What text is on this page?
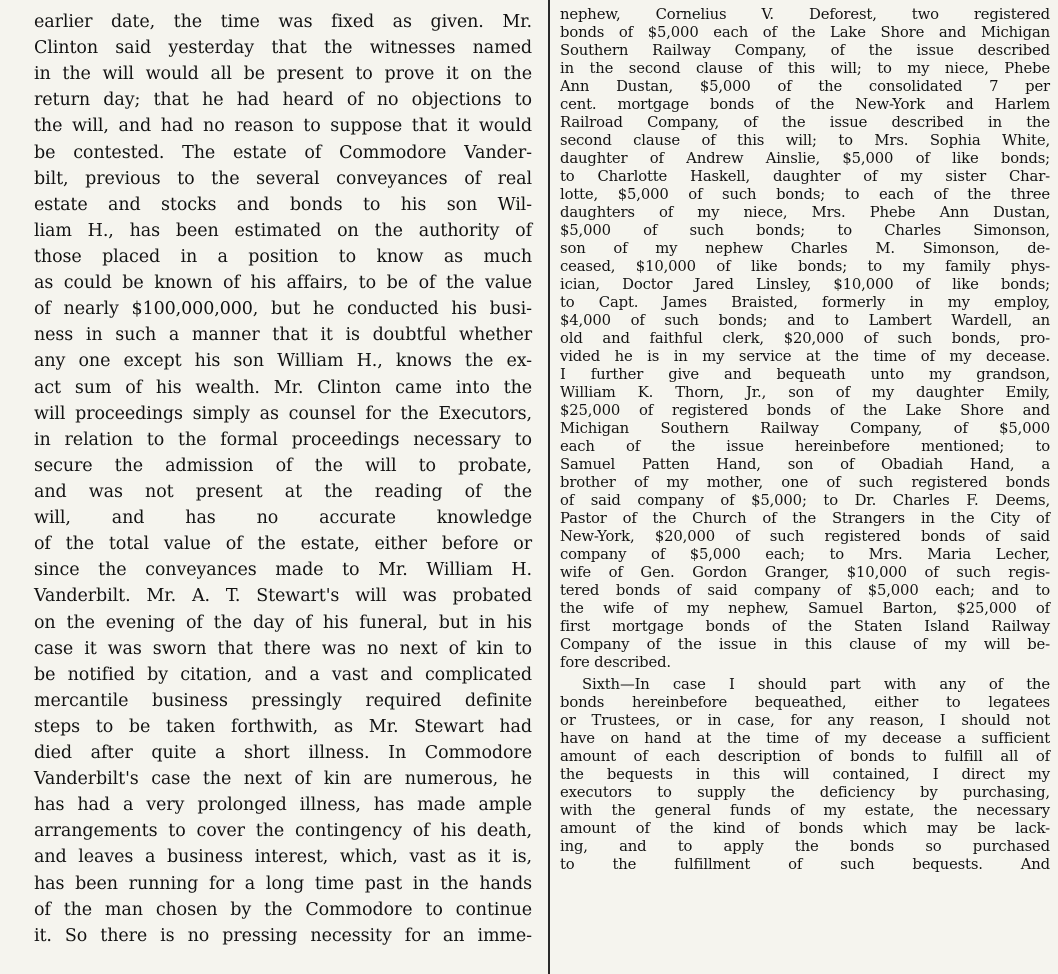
earlier date, the time was fixed as given. Mr.
Clinton said yesterday that the witnesses named
in the will would all be present to prove it on the
return day; that he had heard of no objections to
the will, and had no reason to suppose that it would
be contested. The estate of Commodore Vander-
bilt, previous to the several conveyances of real
estate and stocks and bonds to his son Wil-
liam H., has been estimated on the authority of
those placed in a position to know as much
as could be known of his affairs, to be of the value
of nearly $100,000,000, but he conducted his busi-
ness in such a manner that it is doubtful whether
any one except his son William H., knows the ex-
act sum of his wealth. Mr. Clinton came into the
will proceedings simply as counsel for the Executors,
in relation to the formal proceedings necessary to
secure the admission of the will to probate,
and was not present at the reading of the
will, and has no accurate knowledge
of the total value of the estate, either before or
since the conveyances made to Mr. William H.
Vanderbilt. Mr. A. T. Stewart's will was probated
on the evening of the day of his funeral, but in his
case it was sworn that there was no next of kin to
be notified by citation, and a vast and complicated
mercantile business pressingly required definite
steps to be taken forthwith, as Mr. Stewart had
died after quite a short illness. In Commodore
Vanderbilt's case the next of kin are numerous, he
has had a very prolonged illness, has made ample
arrangements to cover the contingency of his death,
and leaves a business interest, which, vast as it is,
has been running for a long time past in the hands
of the man chosen by the Commodore to continue
it. So there is no pressing necessity for an imme-
nephew, Cornelius V. Deforest, two registered
bonds of $5,000 each of the Lake Shore and Michigan
Southern Railway Company, of the issue described
in the second clause of this will; to my niece, Phebe
Ann Dustan, $5,000 of the consolidated 7 per
cent. mortgage bonds of the New-York and Harlem
Railroad Company, of the issue described in the
second clause of this will; to Mrs. Sophia White,
daughter of Andrew Ainslie, $5,000 of like bonds;
to Charlotte Haskell, daughter of my sister Char-
lotte, $5,000 of such bonds; to each of the three
daughters of my niece, Mrs. Phebe Ann Dustan,
$5,000 of such bonds; to Charles Simonson,
son of my nephew Charles M. Simonson, de-
ceased, $10,000 of like bonds; to my family phys-
ician, Doctor Jared Linsley, $10,000 of like bonds;
to Capt. James Braisted, formerly in my employ,
$4,000 of such bonds; and to Lambert Wardell, an
old and faithful clerk, $20,000 of such bonds, pro-
vided he is in my service at the time of my decease.
I further give and bequeath unto my grandson,
William K. Thorn, Jr., son of my daughter Emily,
$25,000 of registered bonds of the Lake Shore and
Michigan Southern Railway Company, of $5,000
each of the issue hereinbefore mentioned; to
Samuel Patten Hand, son of Obadiah Hand, a
brother of my mother, one of such registered bonds
of said company of $5,000; to Dr. Charles F. Deems,
Pastor of the Church of the Strangers in the City of
New-York, $20,000 of such registered bonds of said
company of $5,000 each; to Mrs. Maria Lecher,
wife of Gen. Gordon Granger, $10,000 of such regis-
tered bonds of said company of $5,000 each; and to
the wife of my nephew, Samuel Barton, $25,000 of
first mortgage bonds of the Staten Island Railway
Company of the issue in this clause of my will be-
fore described.
Sixth—In case I should part with any of the
bonds hereinbefore bequeathed, either to legatees
or Trustees, or in case, for any reason, I should not
have on hand at the time of my decease a sufficient
amount of each description of bonds to fulfill all of
the bequests in this will contained, I direct my
executors to supply the deficiency by purchasing,
with the general funds of my estate, the necessary
amount of the kind of bonds which may be lack-
ing, and to apply the bonds so purchased
to the fulfillment of such bequests. And
